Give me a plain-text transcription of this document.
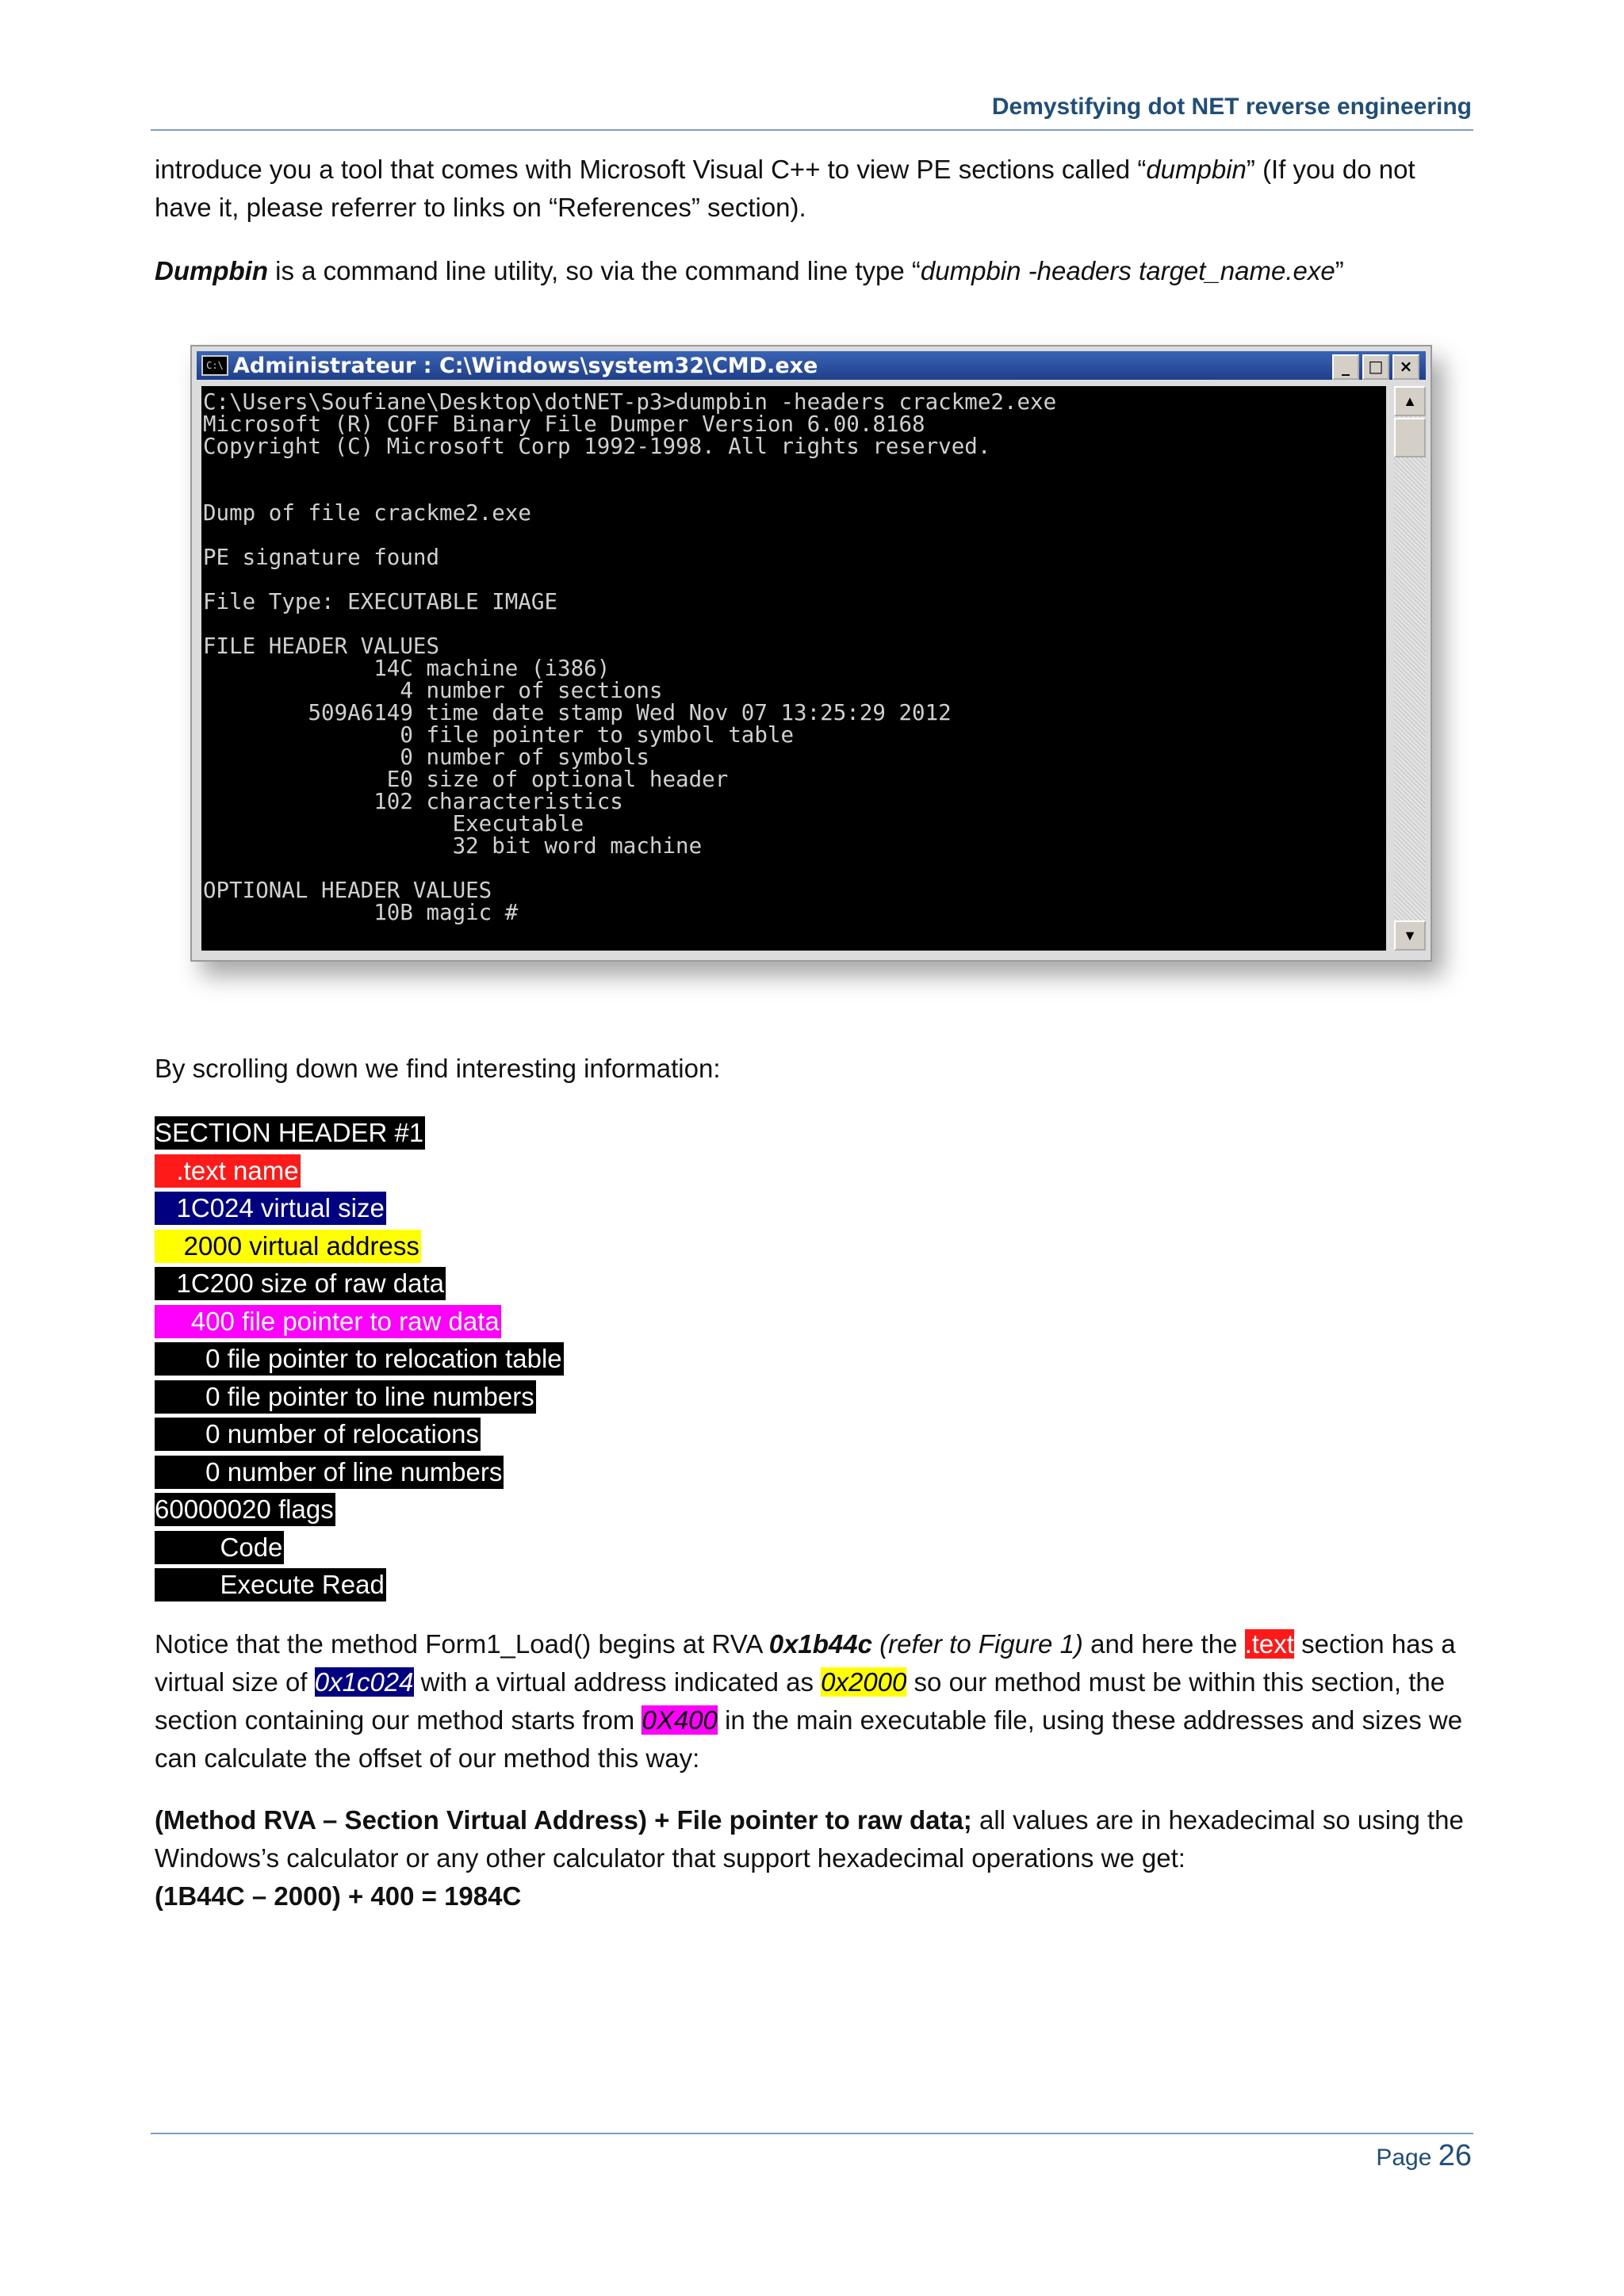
Demystifying dot NET reverse engineering
introduce you a tool that comes with Microsoft Visual C++ to view PE sections called “dumpbin” (If you do not have it, please referrer to links on “References” section).
Dumpbin is a command line utility, so via the command line type “dumpbin -headers target_name.exe”
C:\ Administrateur : C:\Windows\system32\CMD.exe	_	□	×
C:\Users\Soufiane\Desktop\dotNET-p3>dumpbin -headers crackme2.exe
Microsoft (R) COFF Binary File Dumper Version 6.00.8168
Copyright (C) Microsoft Corp 1992-1998. All rights reserved.

Dump of file crackme2.exe

PE signature found

File Type: EXECUTABLE IMAGE

FILE HEADER VALUES
14C machine (i386)
4 number of sections
509A6149 time date stamp Wed Nov 07 13:25:29 2012
0 file pointer to symbol table
0 number of symbols
E0 size of optional header
102 characteristics
Executable
32 bit word machine

OPTIONAL HEADER VALUES
10B magic #
▲
▼
By scrolling down we find interesting information:
SECTION HEADER #1
.text name
1C024 virtual size
2000 virtual address
1C200 size of raw data
400 file pointer to raw data
0 file pointer to relocation table
0 file pointer to line numbers
0 number of relocations
0 number of line numbers
60000020 flags
Code
Execute Read
Notice that the method Form1_Load() begins at RVA 0x1b44c (refer to Figure 1) and here the .text section has a virtual size of 0x1c024 with a virtual address indicated as 0x2000 so our method must be within this section, the section containing our method starts from 0X400 in the main executable file, using these addresses and sizes we can calculate the offset of our method this way:
(Method RVA – Section Virtual Address) + File pointer to raw data; all values are in hexadecimal so using the Windows’s calculator or any other calculator that support hexadecimal operations we get:
(1B44C – 2000) + 400 = 1984C
Page 26
